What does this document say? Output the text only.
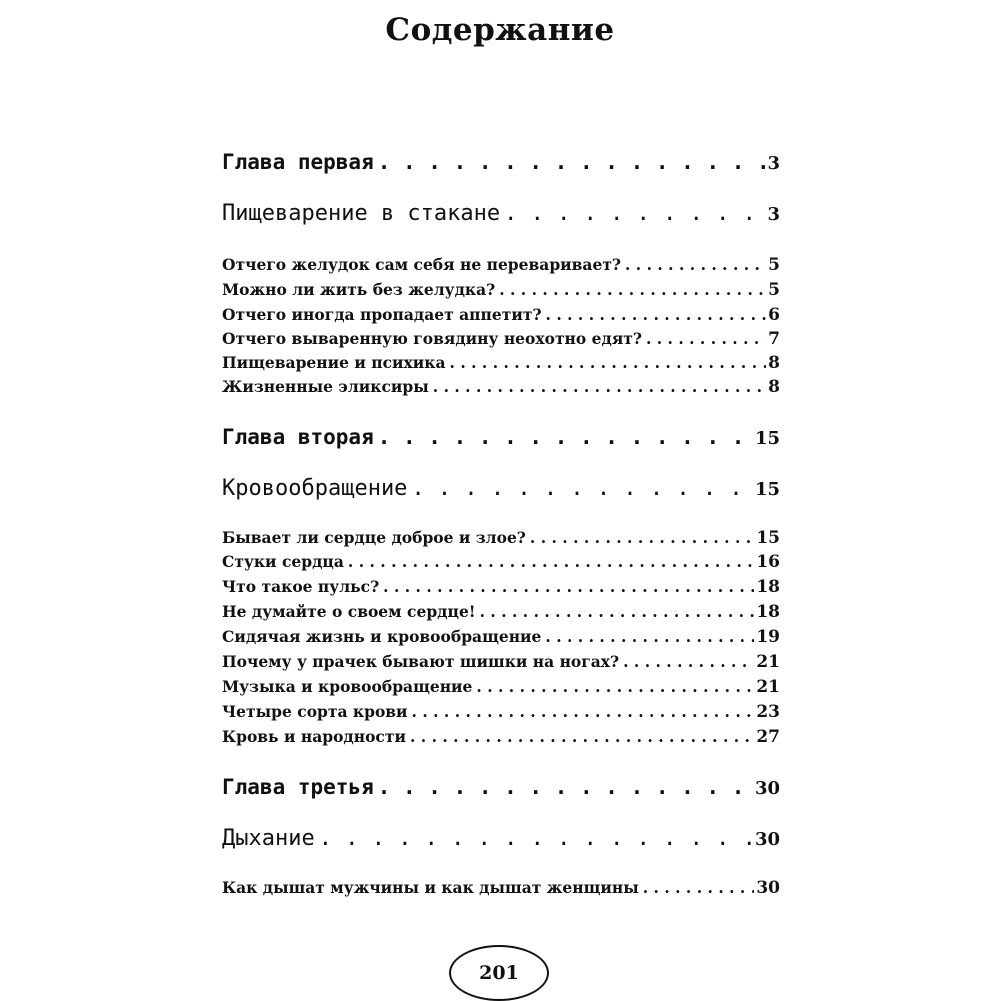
Содержание
Глава первая . . .	3
Пищеварение в стакане . . .	3
Отчего желудок сам себя не переваривает? . . .	5
Можно ли жить без желудка? . . .	5
Отчего иногда пропадает аппетит? . . .	6
Отчего вываренную говядину неохотно едят? . . .	7
Пищеварение и психика . . .	8
Жизненные эликсиры . . .	8
Глава вторая . . .	15
Кровообращение . . .	15
Бывает ли сердце доброе и злое? . . .	15
Стуки сердца . . .	16
Что такое пульс? . . .	18
Не думайте о своем сердце! . . .	18
Сидячая жизнь и кровообращение . . .	19
Почему у прачек бывают шишки на ногах? . . .	21
Музыка и кровообращение . . .	21
Четыре сорта крови . . .	23
Кровь и народности . . .	27
Глава третья . . .	30
Дыхание . . .	30
Как дышат мужчины и как дышат женщины . . .	30
201
